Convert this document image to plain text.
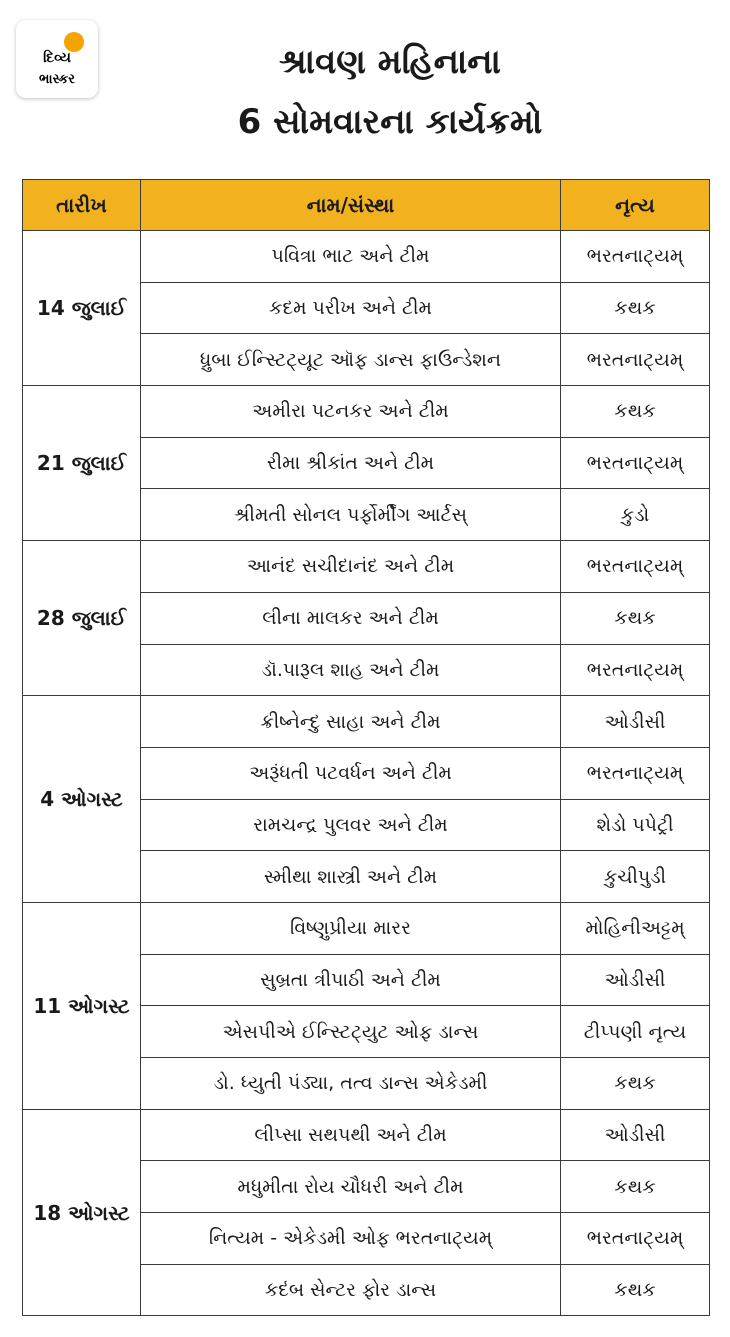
દિવ્ય
ભાસ્કર	શ્રાવણ મહિનાના
6 સોમવારના કાર્યક્રમો
તારીખ	નામ/સંસ્થા	નૃત્ય
14 જુલાઈ	પવિત્રા ભાટ અને ટીમ	ભરતનાટ્યમ્
	કદમ પરીખ અને ટીમ	કથક
	ધ્રુબા ઈન્સ્ટિટ્યૂટ ઑફ ડાન્સ ફાઉન્ડેશન	ભરતનાટ્યમ્
21 જુલાઈ	અમીરા પટનકર અને ટીમ	કથક
	રીમા શ્રીકાંત અને ટીમ	ભરતનાટ્યમ્
	શ્રીમતી સોનલ પર્ફોર્મીંગ આર્ટસ્	કુડો
28 જુલાઈ	આનંદ સચીદાનંદ અને ટીમ	ભરતનાટ્યમ્
	લીના માલકર અને ટીમ	કથક
	ડૉ.પારૂલ શાહ અને ટીમ	ભરતનાટ્યમ્
4 ઓગસ્ટ	ક્રીષ્નેન્દુ સાહા અને ટીમ	ઓડીસી
	અરૂંધતી પટવર્ધન અને ટીમ	ભરતનાટ્યમ્
	રામચન્દ્ર પુલવર અને ટીમ	શેડો પપેટ્રી
	સ્મીથા શાસ્ત્રી અને ટીમ	કુચીપુડી
11 ઓગસ્ટ	વિષ્ણુપ્રીયા મારર	મોહિનીઅટ્ટમ્
	સુબ્રતા ત્રીપાઠી અને ટીમ	ઓડીસી
	એસપીએ ઈન્સ્ટિટ્યુટ ઓફ ડાન્સ	ટીપ્પણી નૃત્ય
	ડો. ધ્યુતી પંડ્યા, તત્વ ડાન્સ એકેડમી	કથક
18 ઓગસ્ટ	લીપ્સા સથપથી અને ટીમ	ઓડીસી
	મધુમીતા રોય ચૌધરી અને ટીમ	કથક
	નિત્યમ - એકેડમી ઓફ ભરતનાટ્યમ્	ભરતનાટ્યમ્
	કદંબ સેન્ટર ફોર ડાન્સ	કથક
